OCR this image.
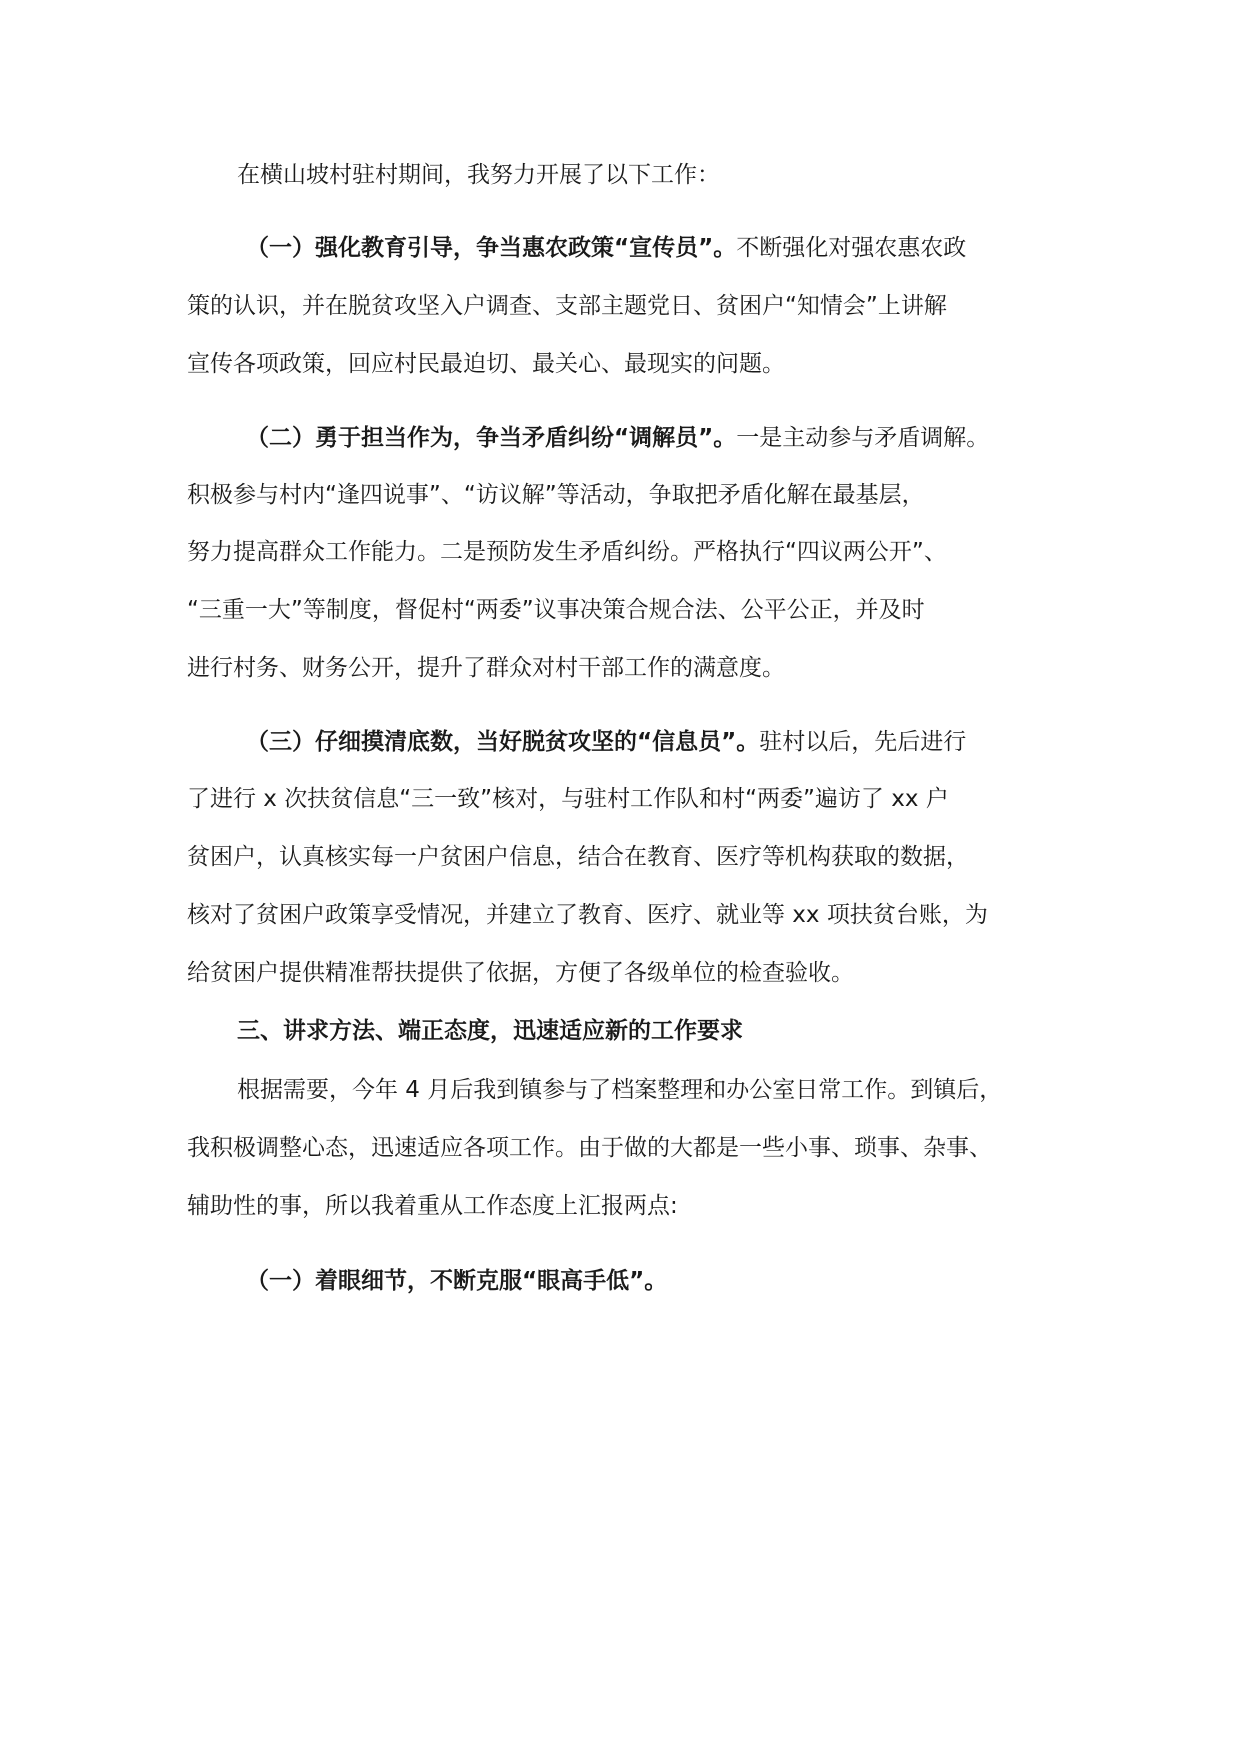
在横山坡村驻村期间，我努力开展了以下工作：
（一）强化教育引导，争当惠农政策“宣传员”。不断强化对强农惠农政
策的认识，并在脱贫攻坚入户调查、支部主题党日、贫困户“知情会”上讲解
宣传各项政策，回应村民最迫切、最关心、最现实的问题。
（二）勇于担当作为，争当矛盾纠纷“调解员”。一是主动参与矛盾调解。
积极参与村内“逢四说事”、“访议解”等活动，争取把矛盾化解在最基层，
努力提高群众工作能力。二是预防发生矛盾纠纷。严格执行“四议两公开”、
“三重一大”等制度，督促村“两委”议事决策合规合法、公平公正，并及时
进行村务、财务公开，提升了群众对村干部工作的满意度。
（三）仔细摸清底数，当好脱贫攻坚的“信息员”。驻村以后，先后进行
了进行 x 次扶贫信息“三一致”核对，与驻村工作队和村“两委”遍访了 xx 户
贫困户，认真核实每一户贫困户信息，结合在教育、医疗等机构获取的数据，
核对了贫困户政策享受情况，并建立了教育、医疗、就业等 xx 项扶贫台账，为
给贫困户提供精准帮扶提供了依据，方便了各级单位的检查验收。
三、讲求方法、端正态度，迅速适应新的工作要求
根据需要，今年 4 月后我到镇参与了档案整理和办公室日常工作。到镇后，
我积极调整心态，迅速适应各项工作。由于做的大都是一些小事、琐事、杂事、
辅助性的事，所以我着重从工作态度上汇报两点:
（一）着眼细节，不断克服“眼高手低”。
